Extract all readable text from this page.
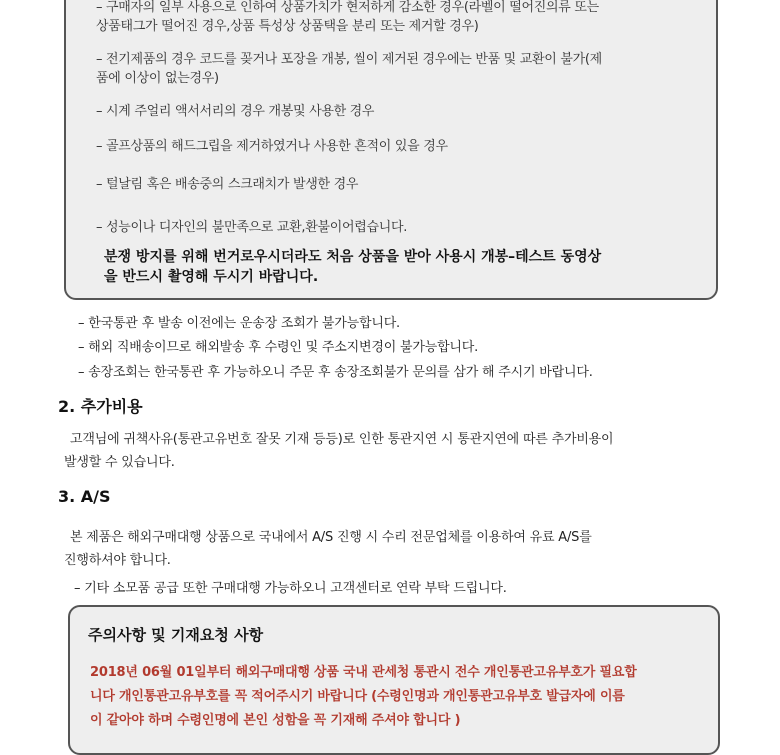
– 구매자의 일부 사용으로 인하여 상품가치가 현저하게 감소한 경우(라벨이 떨어진의류 또는
상품태그가 떨어진 경우,상품 특성상 상품택을 분리 또는 제거할 경우)
– 전기제품의 경우 코드를 꽂거나 포장을 개봉, 씰이 제거된 경우에는 반품 및 교환이 불가(제
품에 이상이 없는경우)
– 시계 주얼리 액서서리의 경우 개봉및 사용한 경우
– 골프상품의 해드그립을 제거하였거나 사용한 흔적이 있을 경우
– 털날림 혹은 배송중의 스크래치가 발생한 경우
– 성능이나 디자인의 불만족으로 교환,환불이어렵습니다.
분쟁 방지를 위해 번거로우시더라도 처음 상품을 받아 사용시 개봉–테스트 동영상
을 반드시 촬영해 두시기 바랍니다.
– 한국통관 후 발송 이전에는 운송장 조회가 불가능합니다.
– 해외 직배송이므로 해외발송 후 수령인 및 주소지변경이 불가능합니다.
– 송장조회는 한국통관 후 가능하오니 주문 후 송장조회불가 문의를 삼가 해 주시기 바랍니다.
2. 추가비용
고객님에 귀책사유(통관고유번호 잘못 기재 등등)로 인한 통관지연 시 통관지연에 따른 추가비용이
발생할 수 있습니다.
3. A/S
본 제품은 해외구매대행 상품으로 국내에서 A/S 진행 시 수리 전문업체를 이용하여 유료 A/S를
진행하셔야 합니다.
– 기타 소모품 공급 또한 구매대행 가능하오니 고객센터로 연락 부탁 드립니다.
주의사항 및 기재요청 사항
2018년 06월 01일부터 해외구매대행 상품 국내 관세청 통관시 전수 개인통관고유부호가 필요합
니다 개인통관고유부호를 꼭 적어주시기 바랍니다 (수령인명과 개인통관고유부호 발급자에 이름
이 같아야 하며 수령인명에 본인 성함을 꼭 기재해 주셔야 합니다 )
